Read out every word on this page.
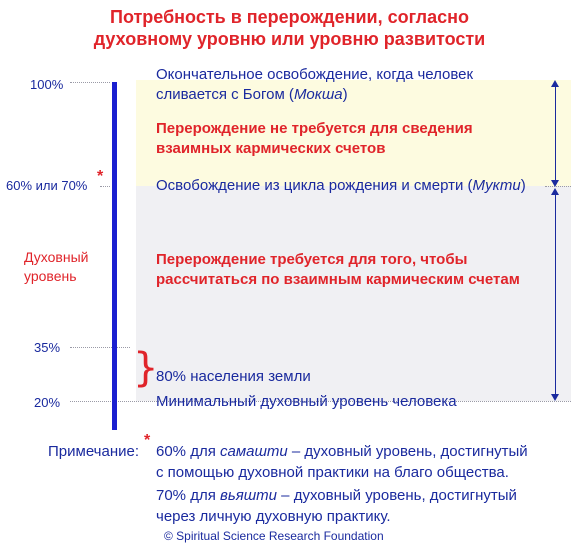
Потребность в перерождении, согласно
духовному уровню или уровню развитости
100%
60% или 70%
*
35%
20%
Духовный
уровень
Окончательное освобождение, когда человек
сливается с Богом (Мокша)
Перерождение не требуется для сведения
взаимных кармических счетов
Освобождение из цикла рождения и смерти (Мукти)
Перерождение требуется для того, чтобы
рассчитаться по взаимным кармическим счетам
}
80% населения земли
Минимальный духовный уровень человека
Примечание:
*
60% для самашти – духовный уровень, достигнутый
с помощью духовной практики на благо общества.
70% для вьяшти – духовный уровень, достигнутый
через личную духовную практику.
© Spiritual Science Research Foundation
